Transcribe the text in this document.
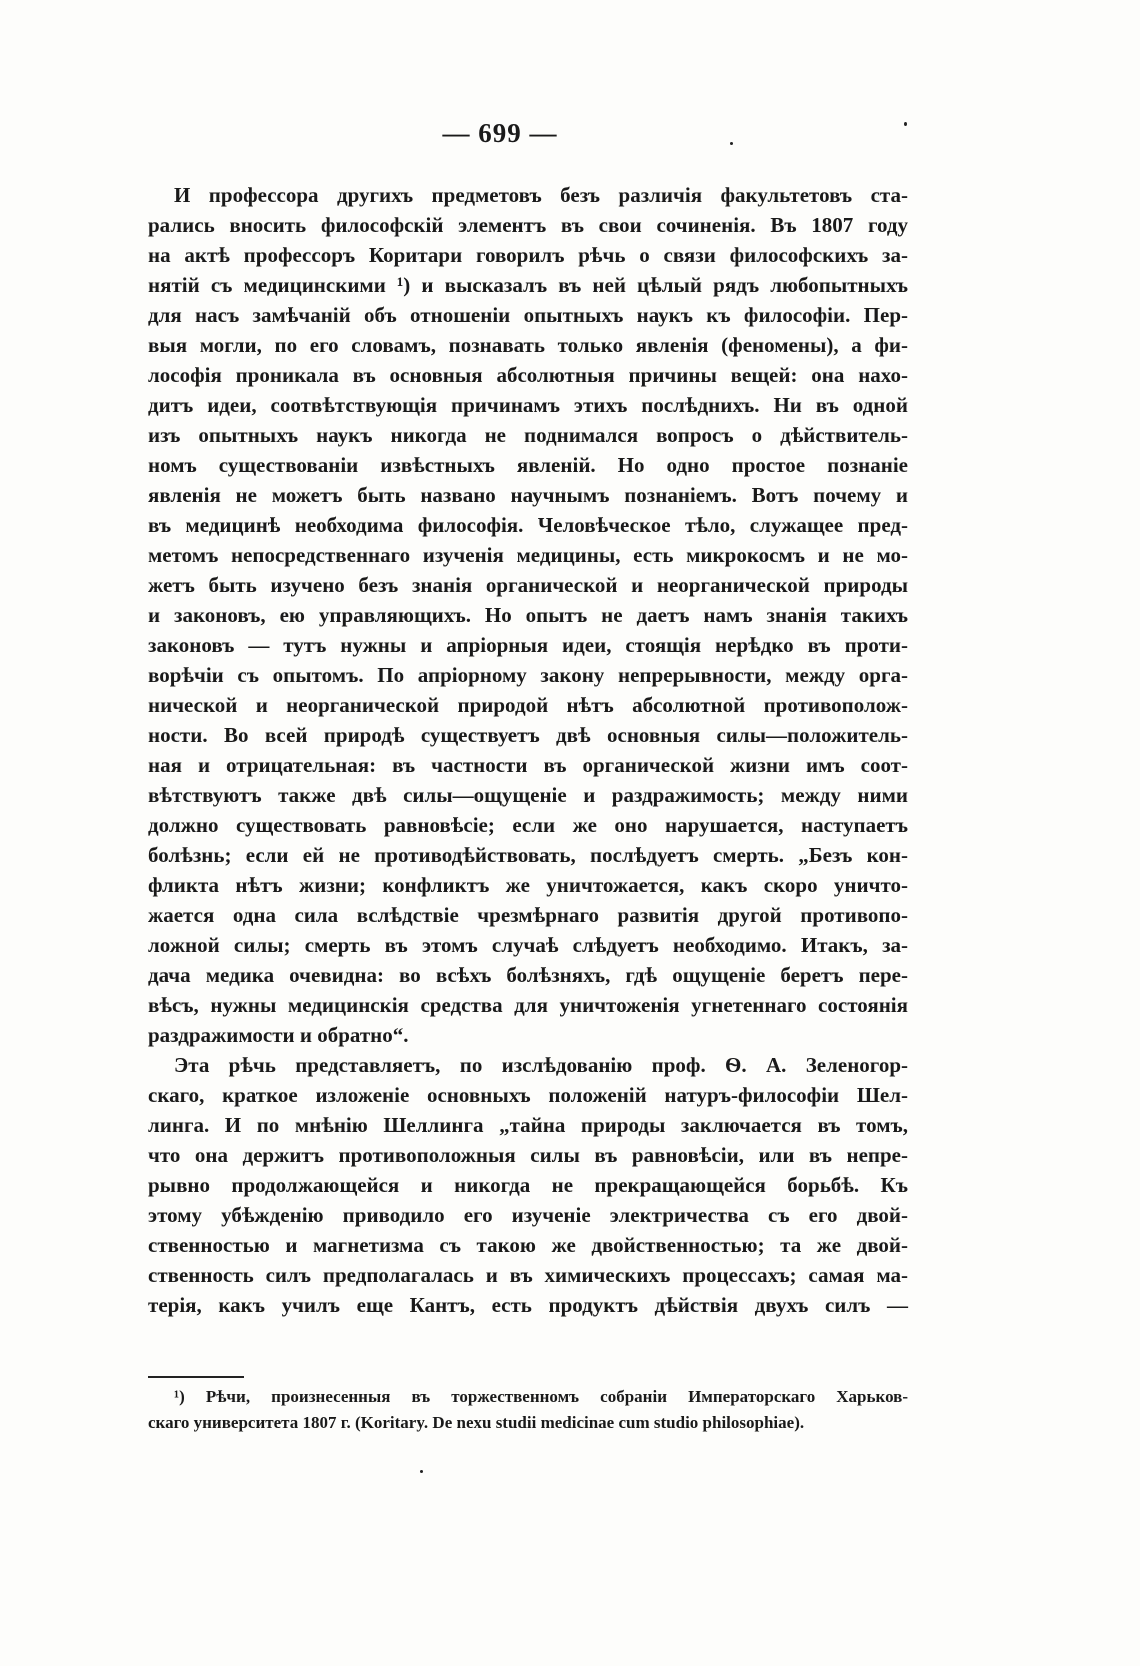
— 699 —
И профессора другихъ предметовъ безъ различія факультетовъ ста-
рались вносить философскій элементъ въ свои сочиненія. Въ 1807 году
на актѣ профессоръ Коритари говорилъ рѣчь о связи философскихъ за-
нятій съ медицинскими ¹) и высказалъ въ ней цѣлый рядъ любопытныхъ
для насъ замѣчаній объ отношеніи опытныхъ наукъ къ философіи. Пер-
выя могли, по его словамъ, познавать только явленія (феномены), а фи-
лософія проникала въ основныя абсолютныя причины вещей: она нахо-
дитъ идеи, соотвѣтствующія причинамъ этихъ послѣднихъ. Ни въ одной
изъ опытныхъ наукъ никогда не поднимался вопросъ о дѣйствитель-
номъ существованіи извѣстныхъ явленій. Но одно простое познаніе
явленія не можетъ быть названо научнымъ познаніемъ. Вотъ почему и
въ медицинѣ необходима философія. Человѣческое тѣло, служащее пред-
метомъ непосредственнаго изученія медицины, есть микрокосмъ и не мо-
жетъ быть изучено безъ знанія органической и неорганической природы
и законовъ, ею управляющихъ. Но опытъ не даетъ намъ знанія такихъ
законовъ — тутъ нужны и апріорныя идеи, стоящія нерѣдко въ проти-
ворѣчіи съ опытомъ. По апріорному закону непрерывности, между орга-
нической и неорганической природой нѣтъ абсолютной противополож-
ности. Во всей природѣ существуетъ двѣ основныя силы—положитель-
ная и отрицательная: въ частности въ органической жизни имъ соот-
вѣтствуютъ также двѣ силы—ощущеніе и раздражимость; между ними
должно существовать равновѣсіе; если же оно нарушается, наступаетъ
болѣзнь; если ей не противодѣйствовать, послѣдуетъ смерть. „Безъ кон-
фликта нѣтъ жизни; конфликтъ же уничтожается, какъ скоро уничто-
жается одна сила вслѣдствіе чрезмѣрнаго развитія другой противопо-
ложной силы; смерть въ этомъ случаѣ слѣдуетъ необходимо. Итакъ, за-
дача медика очевидна: во всѣхъ болѣзняхъ, гдѣ ощущеніе беретъ пере-
вѣсъ, нужны медицинскія средства для уничтоженія угнетеннаго состоянія
раздражимости и обратно“.
Эта рѣчь представляетъ, по изслѣдованію проф. Ѳ. А. Зеленогор-
скаго, краткое изложеніе основныхъ положеній натуръ-философіи Шел-
линга. И по мнѣнію Шеллинга „тайна природы заключается въ томъ,
что она держитъ противоположныя силы въ равновѣсіи, или въ непре-
рывно продолжающейся и никогда не прекращающейся борьбѣ. Къ
этому убѣжденію приводило его изученіе электричества съ его двой-
ственностью и магнетизма съ такою же двойственностью; та же двой-
ственность силъ предполагалась и въ химическихъ процессахъ; самая ма-
терія, какъ училъ еще Кантъ, есть продуктъ дѣйствія двухъ силъ —
¹) Рѣчи, произнесенныя въ торжественномъ собраніи Императорскаго Харьков-
скаго университета 1807 г. (Koritary. De nexu studii medicinae cum studio philosophiae).
